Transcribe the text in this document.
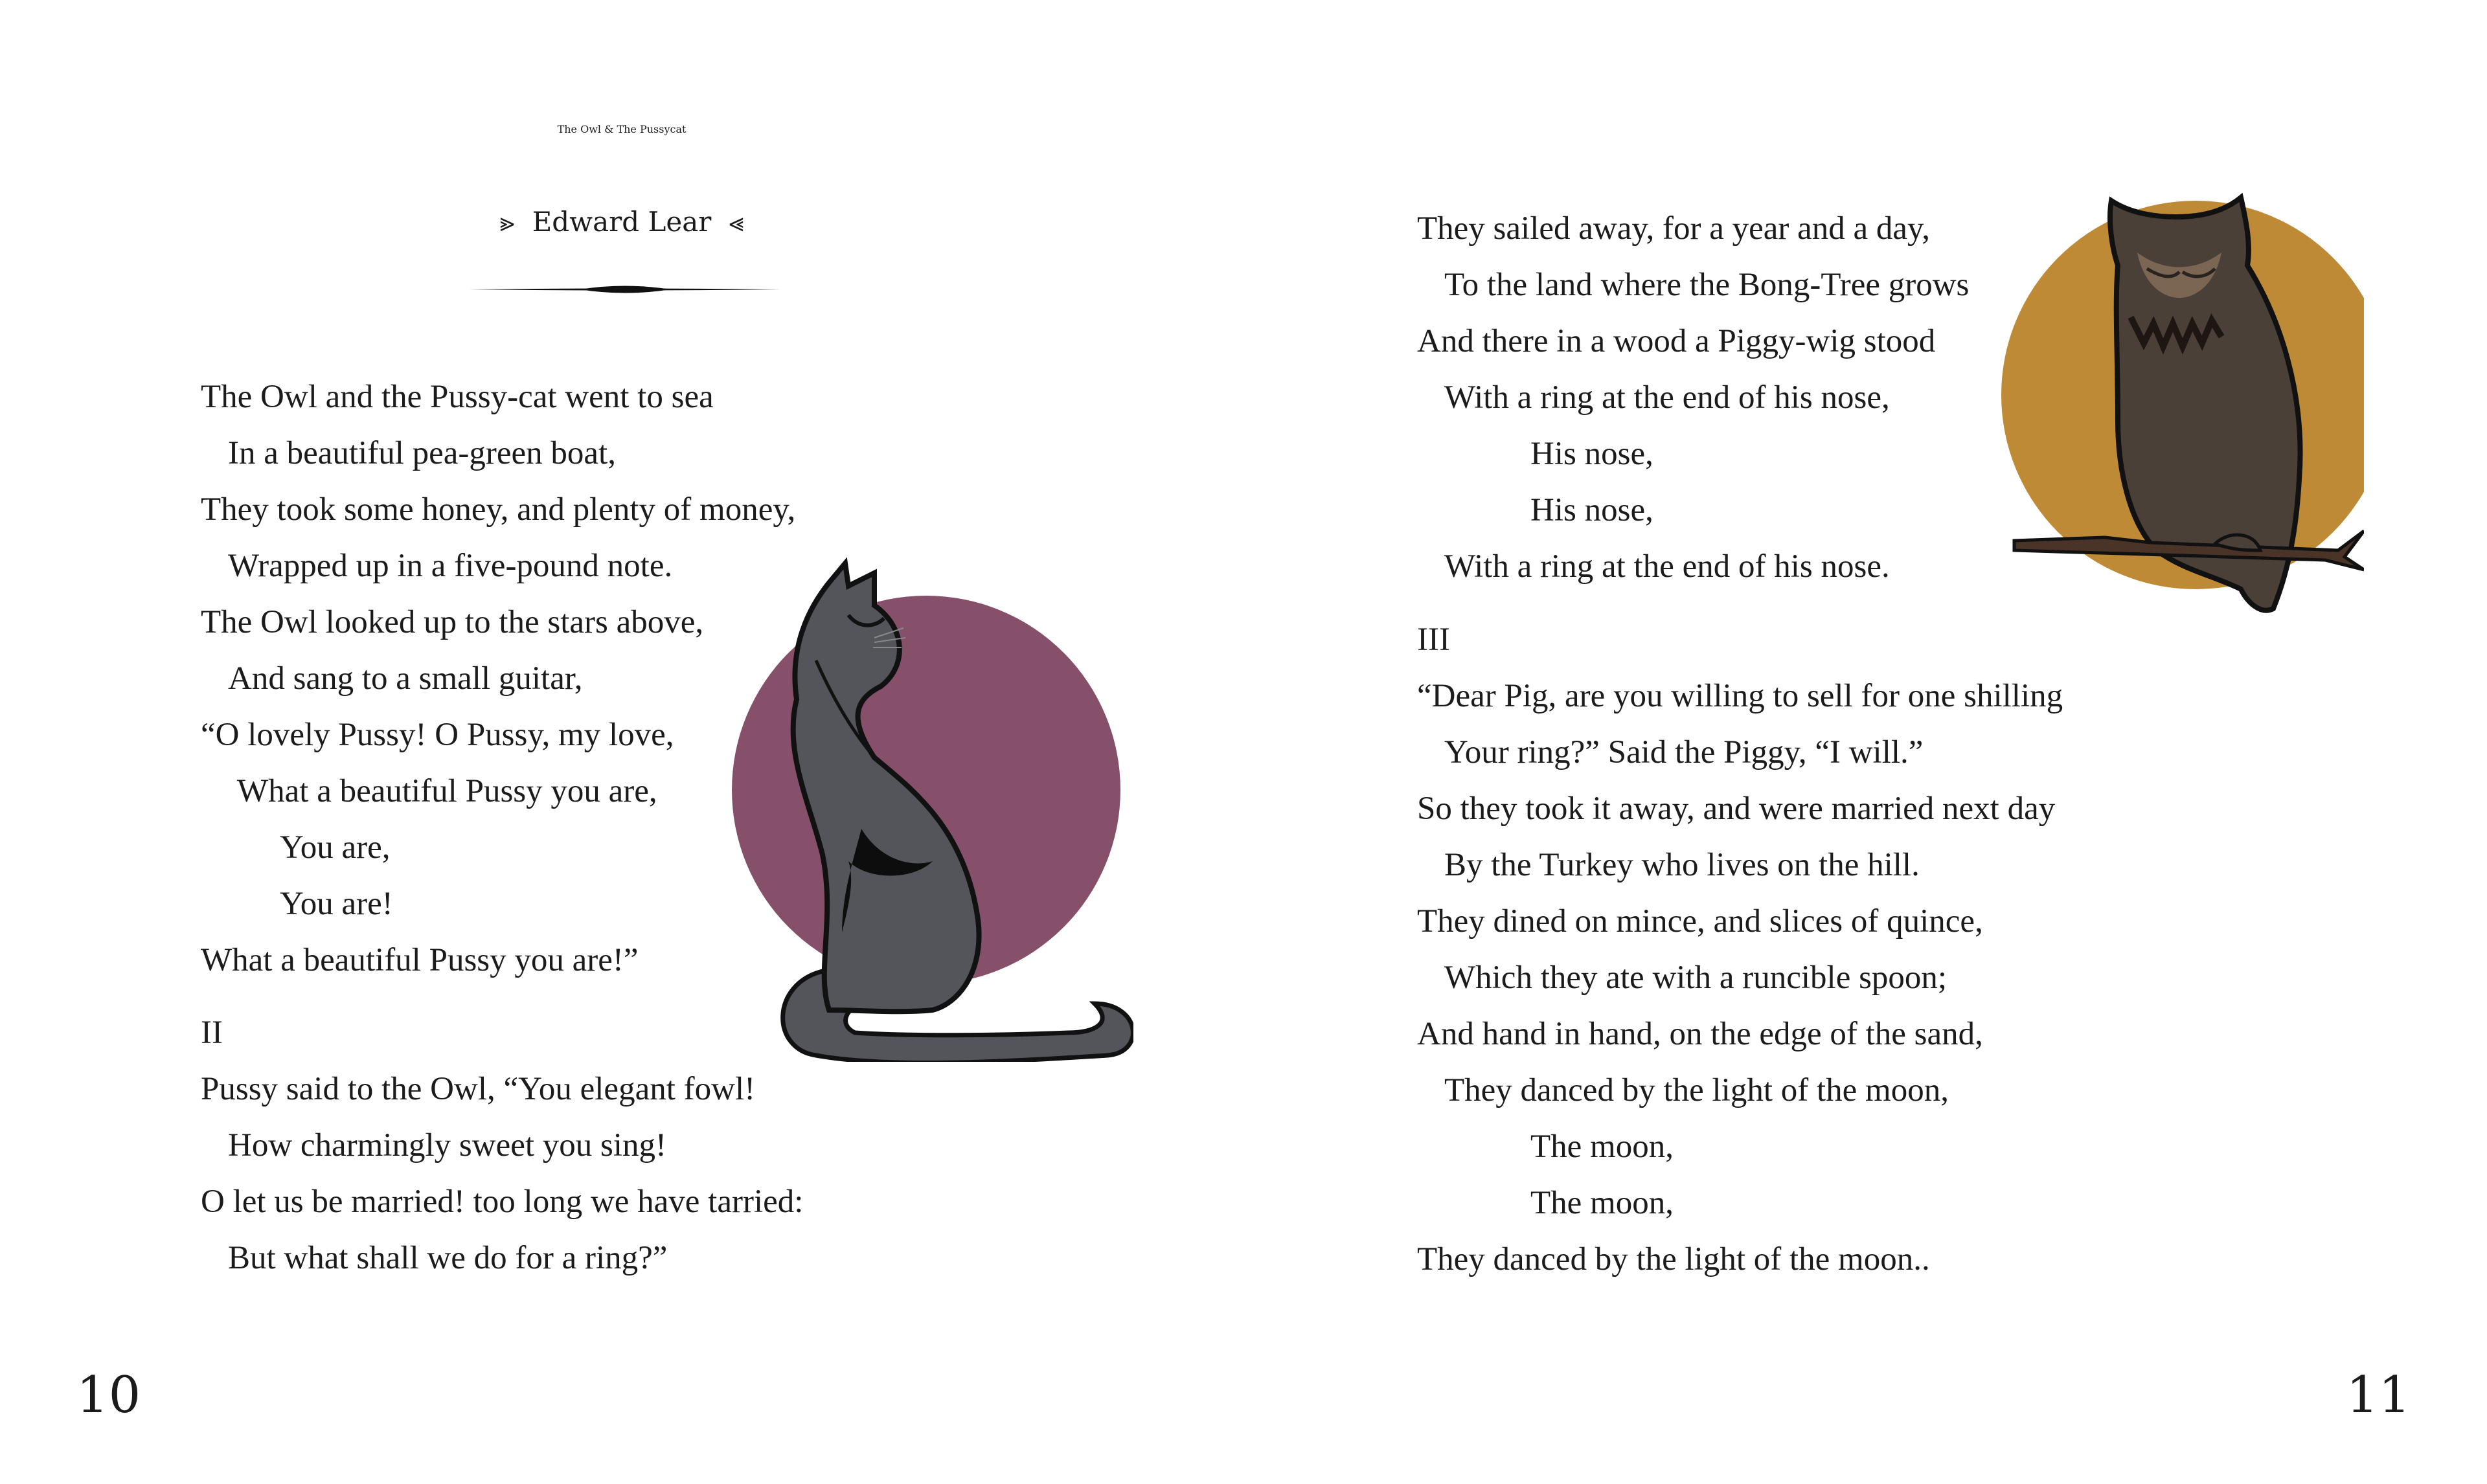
The Owl & The Pussycat
⪢ Edward Lear ⪡
The Owl and the Pussy-cat went to sea
In a beautiful pea-green boat,
They took some honey, and plenty of money,
Wrapped up in a five-pound note.
The Owl looked up to the stars above,
And sang to a small guitar,
“O lovely Pussy! O Pussy, my love,
What a beautiful Pussy you are,
You are,
You are!
What a beautiful Pussy you are!”
II
Pussy said to the Owl, “You elegant fowl!
How charmingly sweet you sing!
O let us be married! too long we have tarried:
But what shall we do for a ring?”
10
They sailed away, for a year and a day,
To the land where the Bong-Tree grows
And there in a wood a Piggy-wig stood
With a ring at the end of his nose,
His nose,
His nose,
With a ring at the end of his nose.
III
“Dear Pig, are you willing to sell for one shilling
Your ring?” Said the Piggy, “I will.”
So they took it away, and were married next day
By the Turkey who lives on the hill.
They dined on mince, and slices of quince,
Which they ate with a runcible spoon;
And hand in hand, on the edge of the sand,
They danced by the light of the moon,
The moon,
The moon,
They danced by the light of the moon..
11
